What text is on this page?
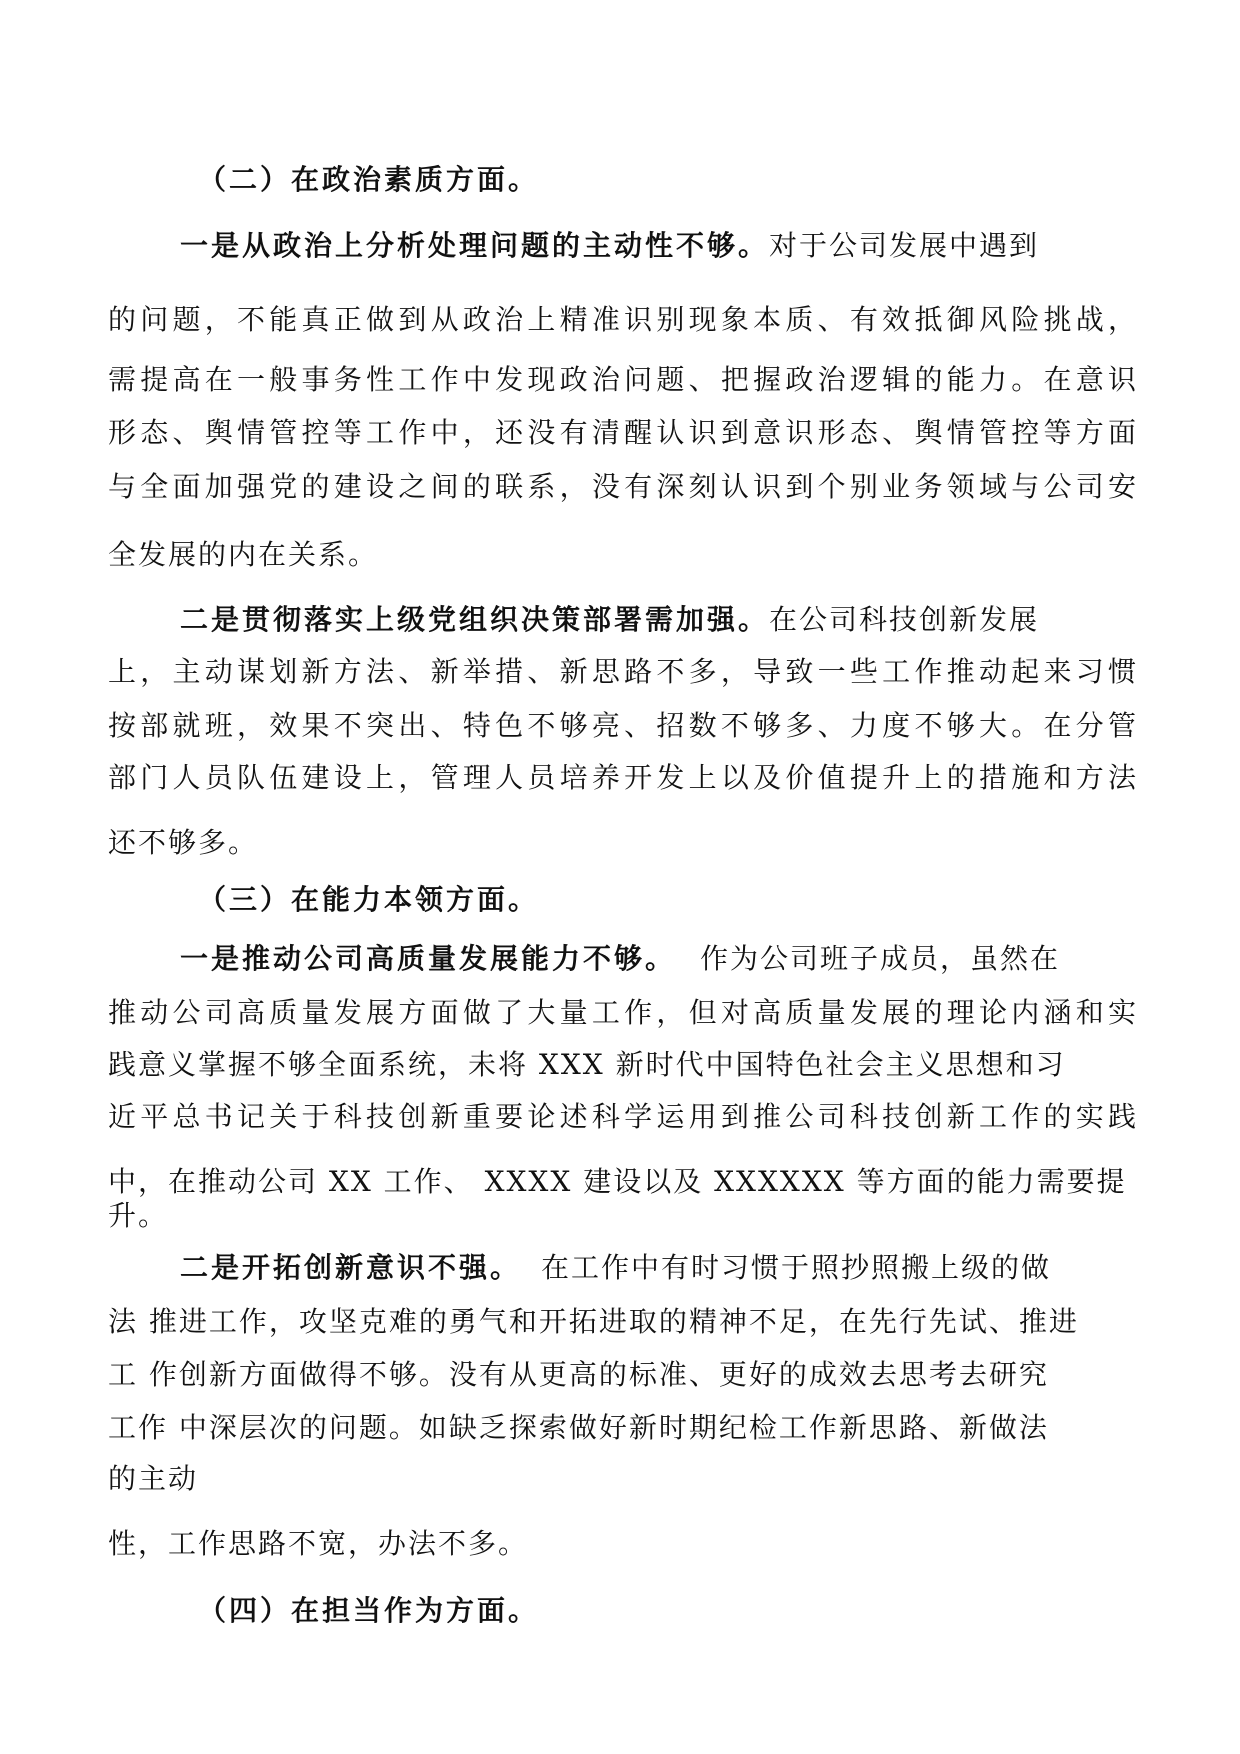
（二）在政治素质方面。
一是从政治上分析处理问题的主动性不够。对于公司发展中遇到
的问题，不能真正做到从政治上精准识别现象本质、有效抵御风险挑战，
需提高在一般事务性工作中发现政治问题、把握政治逻辑的能力。在意识
形态、舆情管控等工作中，还没有清醒认识到意识形态、舆情管控等方面
与全面加强党的建设之间的联系，没有深刻认识到个别业务领域与公司安
全发展的内在关系。
二是贯彻落实上级党组织决策部署需加强。在公司科技创新发展
上，主动谋划新方法、新举措、新思路不多，导致一些工作推动起来习惯
按部就班，效果不突出、特色不够亮、招数不够多、力度不够大。在分管
部门人员队伍建设上，管理人员培养开发上以及价值提升上的措施和方法
还不够多。
（三）在能力本领方面。
一是推动公司高质量发展能力不够。 作为公司班子成员，虽然在
推动公司高质量发展方面做了大量工作，但对高质量发展的理论内涵和实
践意义掌握不够全面系统，未将 XXX 新时代中国特色社会主义思想和习
近平总书记关于科技创新重要论述科学运用到推公司科技创新工作的实践
中，在推动公司 XX 工作、 XXXX 建设以及 XXXXXX 等方面的能力需要提
升。
二是开拓创新意识不强。 在工作中有时习惯于照抄照搬上级的做
法 推进工作，攻坚克难的勇气和开拓进取的精神不足，在先行先试、推进
工 作创新方面做得不够。没有从更高的标准、更好的成效去思考去研究
工作 中深层次的问题。如缺乏探索做好新时期纪检工作新思路、新做法
的主动
性，工作思路不宽，办法不多。
（四）在担当作为方面。
